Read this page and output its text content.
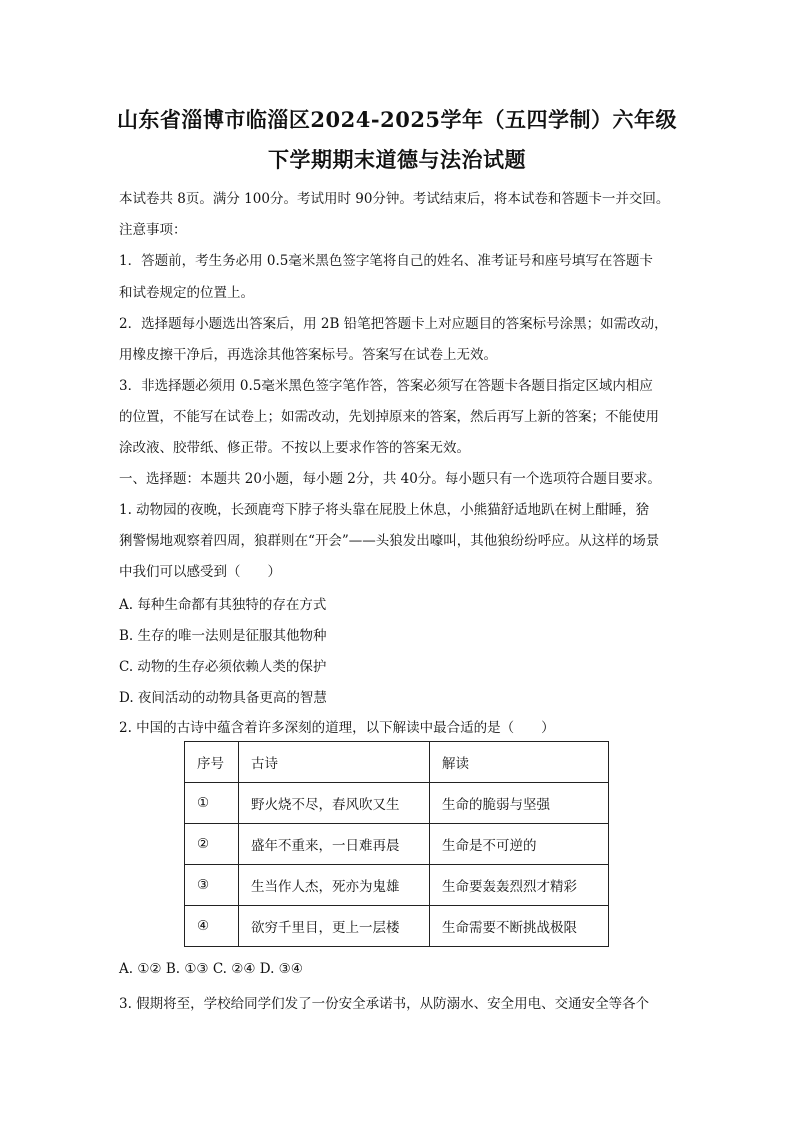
山东省淄博市临淄区2024-2025学年（五四学制）六年级
下学期期末道德与法治试题
本试卷共 8页。满分 100分。考试用时 90分钟。考试结束后，将本试卷和答题卡一并交回。
注意事项：
1．答题前，考生务必用 0.5毫米黑色签字笔将自己的姓名、准考证号和座号填写在答题卡
和试卷规定的位置上。
2．选择题每小题选出答案后，用 2B 铅笔把答题卡上对应题目的答案标号涂黑；如需改动，
用橡皮擦干净后，再选涂其他答案标号。答案写在试卷上无效。
3．非选择题必须用 0.5毫米黑色签字笔作答，答案必须写在答题卡各题目指定区域内相应
的位置，不能写在试卷上；如需改动，先划掉原来的答案，然后再写上新的答案；不能使用
涂改液、胶带纸、修正带。不按以上要求作答的答案无效。
一、选择题：本题共 20小题，每小题 2分，共 40分。每小题只有一个选项符合题目要求。
1. 动物园的夜晚，长颈鹿弯下脖子将头靠在屁股上休息，小熊猫舒适地趴在树上酣睡，猞
猁警惕地观察着四周，狼群则在“开会”——头狼发出嚎叫，其他狼纷纷呼应。从这样的场景
中我们可以感受到（　　）
A. 每种生命都有其独特的存在方式
B. 生存的唯一法则是征服其他物种
C. 动物的生存必须依赖人类的保护
D. 夜间活动的动物具备更高的智慧
2. 中国的古诗中蕴含着许多深刻的道理，以下解读中最合适的是（　　）
序号	古诗	解读
①	野火烧不尽，春风吹又生	生命的脆弱与坚强
②	盛年不重来，一日难再晨	生命是不可逆的
③	生当作人杰，死亦为鬼雄	生命要轰轰烈烈才精彩
④	欲穷千里目，更上一层楼	生命需要不断挑战极限
A. ①② B. ①③ C. ②④ D. ③④
3. 假期将至，学校给同学们发了一份安全承诺书，从防溺水、安全用电、交通安全等各个
